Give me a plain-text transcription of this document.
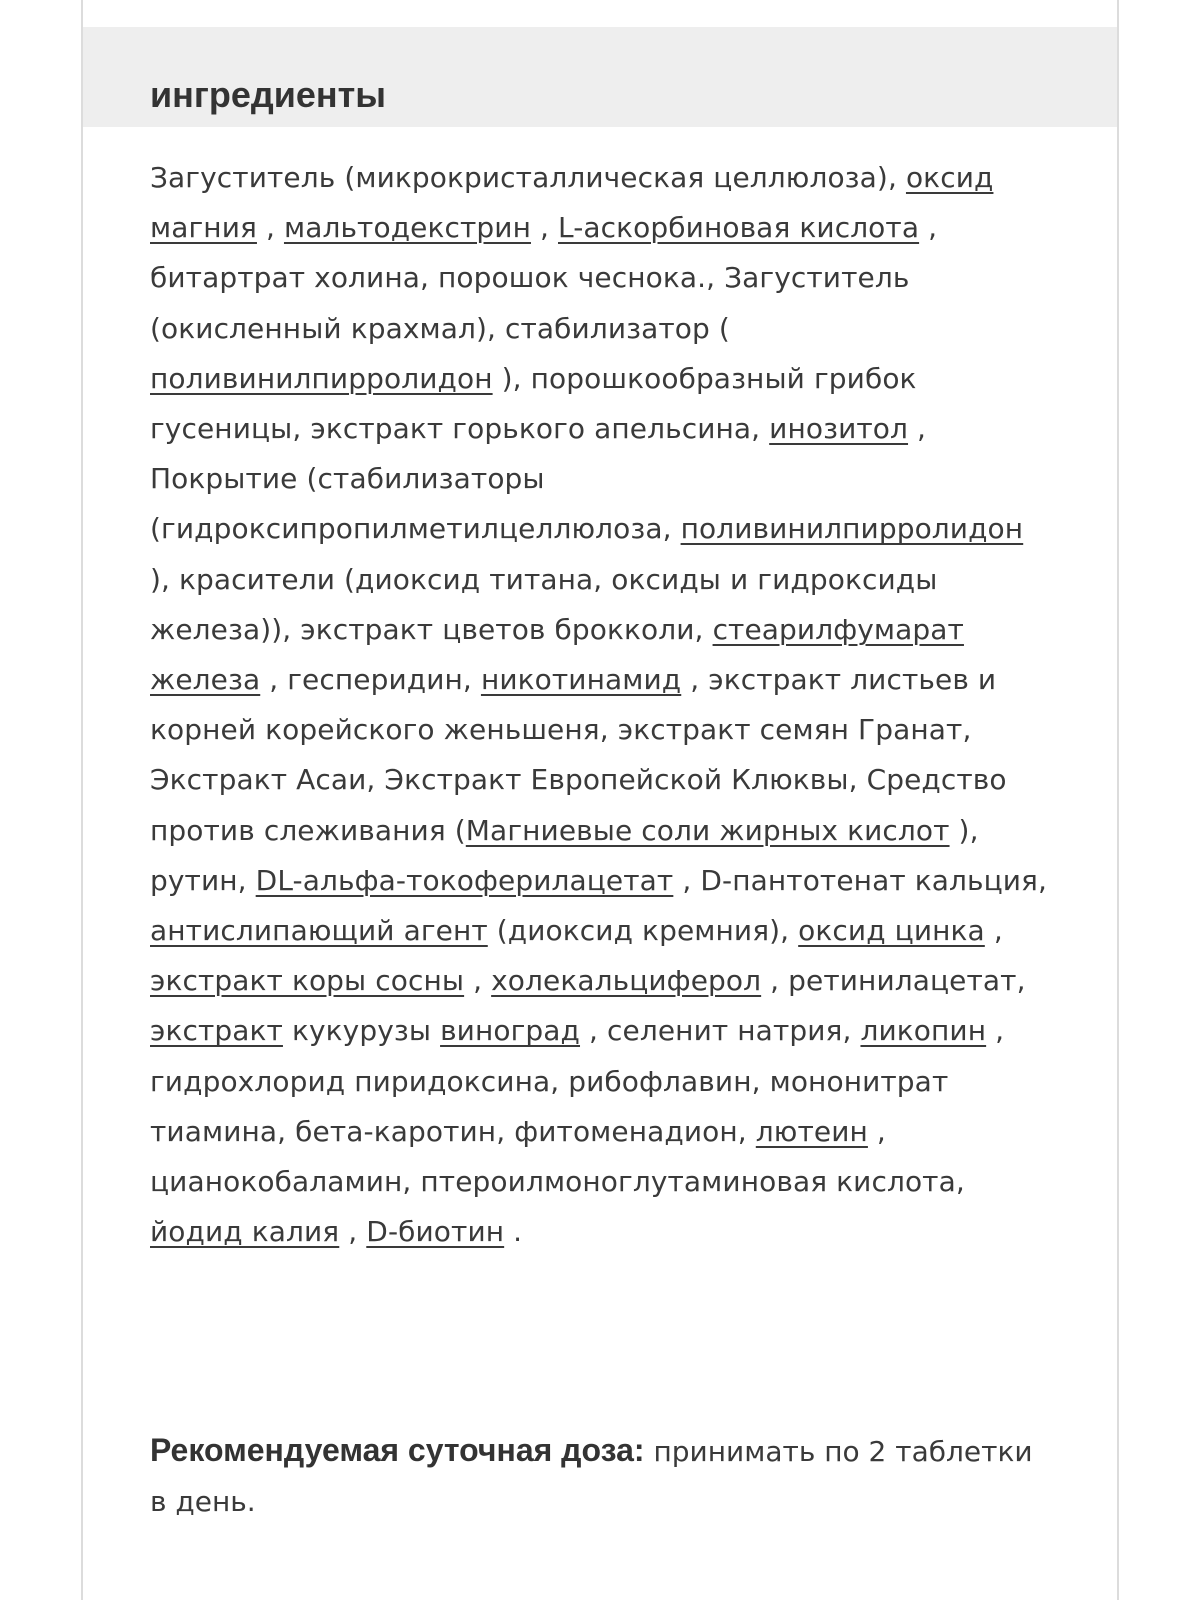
ингредиенты

Загуститель (микрокристаллическая целлюлоза), оксид магния , мальтодекстрин , L-аскорбиновая кислота , битартрат холина, порошок чеснока., Загуститель (окисленный крахмал), стабилизатор ( поливинилпирролидон ), порошкообразный грибок гусеницы, экстракт горького апельсина, инозитол , Покрытие (стабилизаторы (гидроксипропилметилцеллюлоза, поливинилпирролидон ), красители (диоксид титана, оксиды и гидроксиды железа)), экстракт цветов брокколи, стеарилфумарат железа , гесперидин, никотинамид , экстракт листьев и корней корейского женьшеня, экстракт семян Гранат, Экстракт Асаи, Экстракт Европейской Клюквы, Средство против слеживания (Магниевые соли жирных кислот ), рутин, DL-альфа-токоферилацетат , D-пантотенат кальция, антислипающий агент (диоксид кремния), оксид цинка , экстракт коры сосны , холекальциферол , ретинилацетат, экстракт кукурузы виноград , селенит натрия, ликопин , гидрохлорид пиридоксина, рибофлавин, мононитрат тиамина, бета-каротин, фитоменадион, лютеин , цианокобаламин, птероилмоноглутаминовая кислота, йодид калия , D-биотин .

Рекомендуемая суточная доза: принимать по 2 таблетки в день.
